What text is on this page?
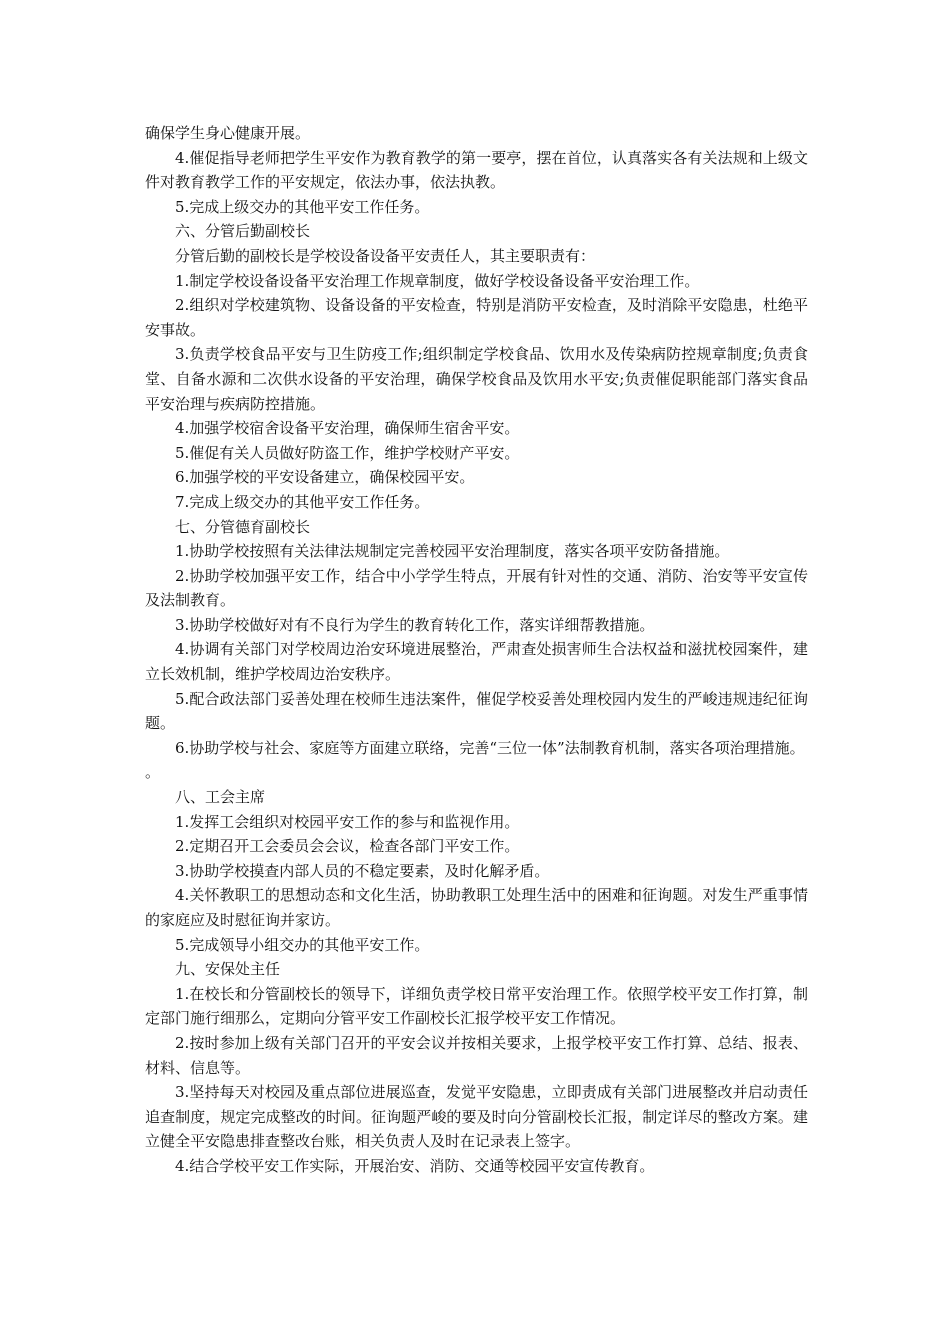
确保学生身心健康开展。

4.催促指导老师把学生平安作为教育教学的第一要亭，摆在首位，认真落实各有关法规和上级文件对教育教学工作的平安规定，依法办事，依法执教。

5.完成上级交办的其他平安工作任务。

六、分管后勤副校长

分管后勤的副校长是学校设备设备平安责任人，其主要职责有：

1.制定学校设备设备平安治理工作规章制度，做好学校设备设备平安治理工作。

2.组织对学校建筑物、设备设备的平安检查，特别是消防平安检查，及时消除平安隐患，杜绝平安事故。

3.负责学校食品平安与卫生防疫工作;组织制定学校食品、饮用水及传染病防控规章制度;负责食堂、自备水源和二次供水设备的平安治理，确保学校食品及饮用水平安;负责催促职能部门落实食品平安治理与疾病防控措施。

4.加强学校宿舍设备平安治理，确保师生宿舍平安。

5.催促有关人员做好防盗工作，维护学校财产平安。

6.加强学校的平安设备建立，确保校园平安。

7.完成上级交办的其他平安工作任务。

七、分管德育副校长

1.协助学校按照有关法律法规制定完善校园平安治理制度，落实各项平安防备措施。

2.协助学校加强平安工作，结合中小学学生特点，开展有针对性的交通、消防、治安等平安宣传及法制教育。

3.协助学校做好对有不良行为学生的教育转化工作，落实详细帮教措施。

4.协调有关部门对学校周边治安环境进展整治，严肃查处损害师生合法权益和滋扰校园案件，建立长效机制，维护学校周边治安秩序。

5.配合政法部门妥善处理在校师生违法案件，催促学校妥善处理校园内发生的严峻违规违纪征询题。

6.协助学校与社会、家庭等方面建立联络，完善“三位一体”法制教育机制，落实各项治理措施。

。

八、工会主席

1.发挥工会组织对校园平安工作的参与和监视作用。

2.定期召开工会委员会会议，检查各部门平安工作。

3.协助学校摸查内部人员的不稳定要素，及时化解矛盾。

4.关怀教职工的思想动态和文化生活，协助教职工处理生活中的困难和征询题。对发生严重事情的家庭应及时慰征询并家访。

5.完成领导小组交办的其他平安工作。

九、安保处主任

1.在校长和分管副校长的领导下，详细负责学校日常平安治理工作。依照学校平安工作打算，制定部门施行细那么，定期向分管平安工作副校长汇报学校平安工作情况。

2.按时参加上级有关部门召开的平安会议并按相关要求，上报学校平安工作打算、总结、报表、材料、信息等。

3.坚持每天对校园及重点部位进展巡查，发觉平安隐患，立即责成有关部门进展整改并启动责任追查制度，规定完成整改的时间。征询题严峻的要及时向分管副校长汇报，制定详尽的整改方案。建立健全平安隐患排查整改台账，相关负责人及时在记录表上签字。

4.结合学校平安工作实际，开展治安、消防、交通等校园平安宣传教育。
